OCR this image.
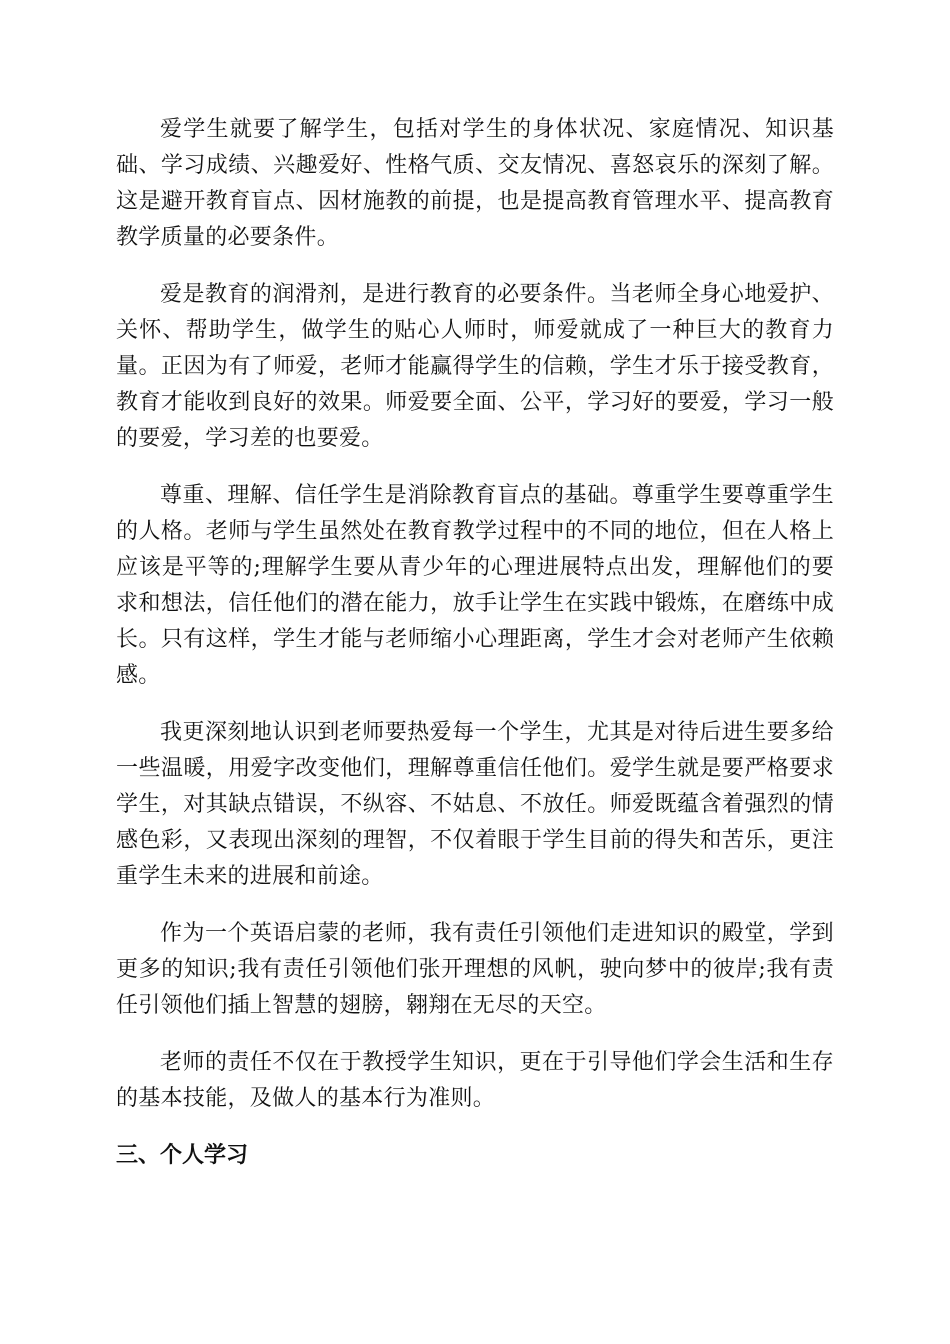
爱学生就要了解学生，包括对学生的身体状况、家庭情况、知识基础、学习成绩、兴趣爱好、性格气质、交友情况、喜怒哀乐的深刻了解。这是避开教育盲点、因材施教的前提，也是提高教育管理水平、提高教育教学质量的必要条件。

爱是教育的润滑剂，是进行教育的必要条件。当老师全身心地爱护、关怀、帮助学生，做学生的贴心人师时，师爱就成了一种巨大的教育力量。正因为有了师爱，老师才能赢得学生的信赖，学生才乐于接受教育，教育才能收到良好的效果。师爱要全面、公平，学习好的要爱，学习一般的要爱，学习差的也要爱。

尊重、理解、信任学生是消除教育盲点的基础。尊重学生要尊重学生的人格。老师与学生虽然处在教育教学过程中的不同的地位，但在人格上应该是平等的;理解学生要从青少年的心理进展特点出发，理解他们的要求和想法，信任他们的潜在能力，放手让学生在实践中锻炼，在磨练中成长。只有这样，学生才能与老师缩小心理距离，学生才会对老师产生依赖感。

我更深刻地认识到老师要热爱每一个学生，尤其是对待后进生要多给一些温暖，用爱字改变他们，理解尊重信任他们。爱学生就是要严格要求学生，对其缺点错误，不纵容、不姑息、不放任。师爱既蕴含着强烈的情感色彩，又表现出深刻的理智，不仅着眼于学生目前的得失和苦乐，更注重学生未来的进展和前途。

作为一个英语启蒙的老师，我有责任引领他们走进知识的殿堂，学到更多的知识;我有责任引领他们张开理想的风帆，驶向梦中的彼岸;我有责任引领他们插上智慧的翅膀，翱翔在无尽的天空。

老师的责任不仅在于教授学生知识，更在于引导他们学会生活和生存的基本技能，及做人的基本行为准则。

三、个人学习
